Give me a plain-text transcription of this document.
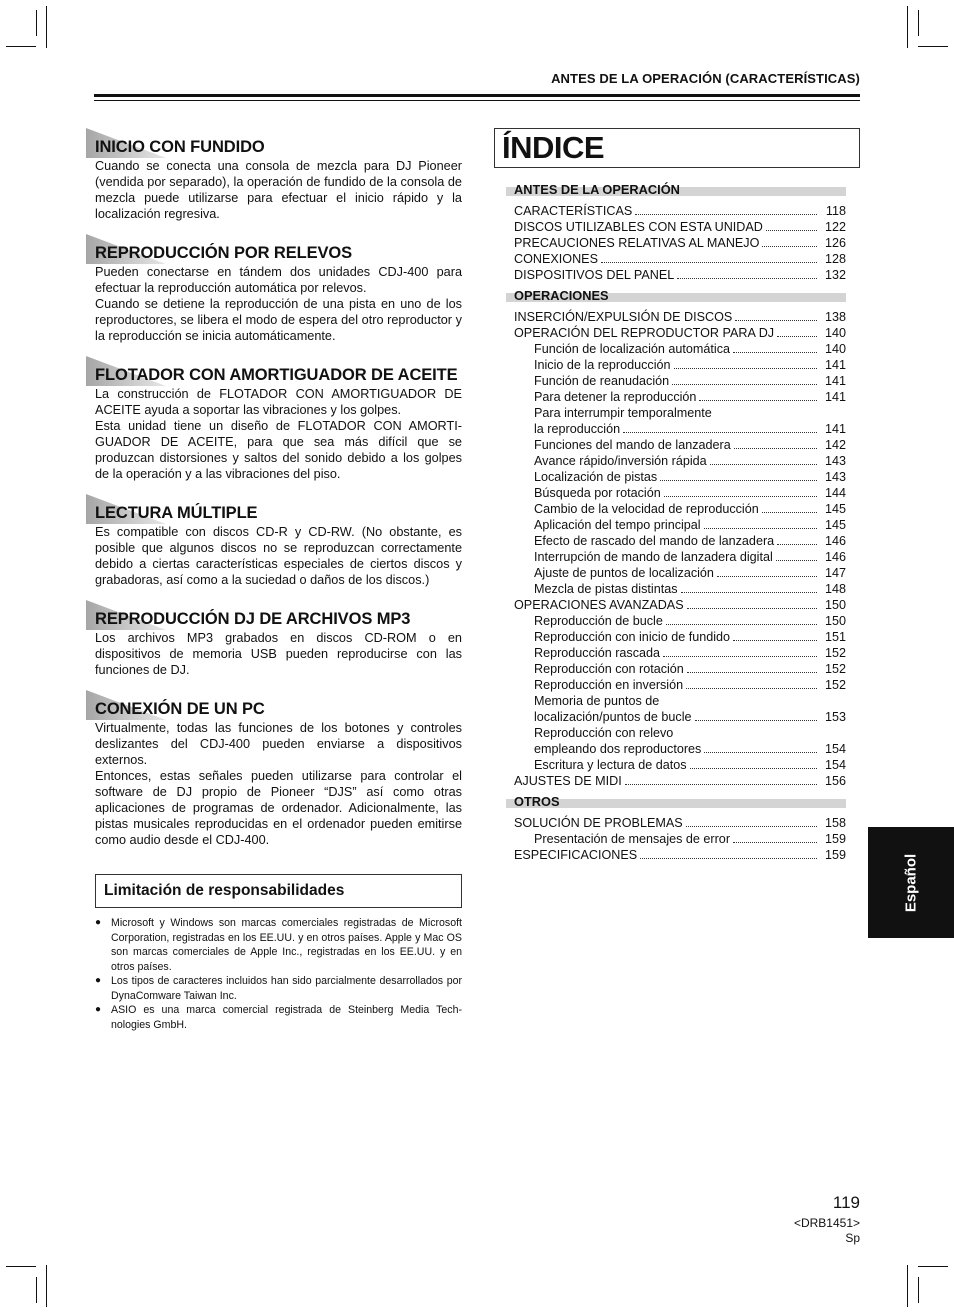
ANTES DE LA OPERACIÓN (CARACTERÍSTICAS)
INICIO CON FUNDIDO

Cuando se conecta una consola de mezcla para DJ Pioneer (vendida por separado), la operación de fundido de la consola de mezcla puede utilizarse para efectuar el inicio rápido y la localización regresiva.

REPRODUCCIÓN POR RELEVOS

Pueden conectarse en tándem dos unidades CDJ-400 para efectuar la reproducción automática por relevos.

Cuando se detiene la reproducción de una pista en uno de los reproductores, se libera el modo de espera del otro reproductor y la reproducción se inicia automáticamente.

FLOTADOR CON AMORTIGUADOR DE ACEITE

La construcción de FLOTADOR CON AMORTIGUADOR DE ACEITE ayuda a soportar las vibraciones y los golpes.

Esta unidad tiene un diseño de FLOTADOR CON AMORTI-GUADOR DE ACEITE, para que sea más difícil que se produzcan distorsiones y saltos del sonido debido a los golpes de la operación y a las vibraciones del piso.

LECTURA MÚLTIPLE

Es compatible con discos CD-R y CD-RW. (No obstante, es posible que algunos discos no se reproduzcan correctamente debido a ciertas características especiales de ciertos discos y grabadoras, así como a la suciedad o daños de los discos.)

REPRODUCCIÓN DJ DE ARCHIVOS MP3

Los archivos MP3 grabados en discos CD-ROM o en dispositivos de memoria USB pueden reproducirse con las funciones de DJ.

CONEXIÓN DE UN PC

Virtualmente, todas las funciones de los botones y controles deslizantes del CDJ-400 pueden enviarse a dispositivos externos.

Entonces, estas señales pueden utilizarse para controlar el software de DJ propio de Pioneer “DJS” así como otras aplicaciones de programas de ordenador. Adicionalmente, las pistas musicales reproducidas en el ordenador pueden emitirse como audio desde el CDJ-400.

Limitación de responsabilidades
● Microsoft y Windows son marcas comerciales registradas de Microsoft Corporation, registradas en los EE.UU. y en otros países. Apple y Mac OS son marcas comerciales de Apple Inc., registradas en los EE.UU. y en otros países.
● Los tipos de caracteres incluidos han sido parcialmente desarrollados por DynaComware Taiwan Inc.
● ASIO es una marca comercial registrada de Steinberg Media Tech-nologies GmbH.
ÍNDICE
ANTES DE LA OPERACIÓN
CARACTERÍSTICAS	118
DISCOS UTILIZABLES CON ESTA UNIDAD	122
PRECAUCIONES RELATIVAS AL MANEJO	126
CONEXIONES	128
DISPOSITIVOS DEL PANEL	132
OPERACIONES
INSERCIÓN/EXPULSIÓN DE DISCOS	138
OPERACIÓN DEL REPRODUCTOR PARA DJ	140
Función de localización automática	140
Inicio de la reproducción	141
Función de reanudación	141
Para detener la reproducción	141
Para interrumpir temporalmente
la reproducción	141
Funciones del mando de lanzadera	142
Avance rápido/inversión rápida	143
Localización de pistas	143
Búsqueda por rotación	144
Cambio de la velocidad de reproducción	145
Aplicación del tempo principal	145
Efecto de rascado del mando de lanzadera	146
Interrupción de mando de lanzadera digital	146
Ajuste de puntos de localización	147
Mezcla de pistas distintas	148
OPERACIONES AVANZADAS	150
Reproducción de bucle	150
Reproducción con inicio de fundido	151
Reproducción rascada	152
Reproducción con rotación	152
Reproducción en inversión	152
Memoria de puntos de
localización/puntos de bucle	153
Reproducción con relevo
empleando dos reproductores	154
Escritura y lectura de datos	154
AJUSTES DE MIDI	156
OTROS
SOLUCIÓN DE PROBLEMAS	158
Presentación de mensajes de error	159
ESPECIFICACIONES	159	Español
119
<DRB1451>
Sp
